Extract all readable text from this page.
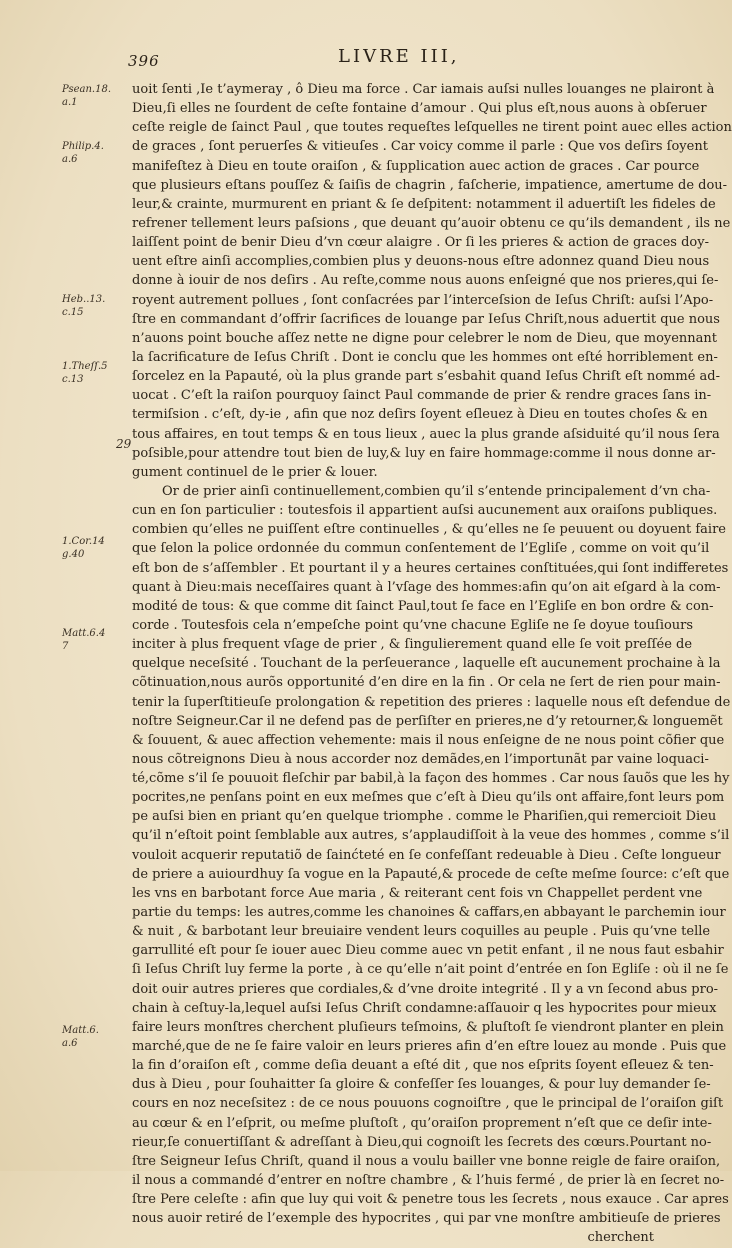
396	LIVRE III,
Psean.18.
a.1
Philip.4.
a.6
Heb..13.
c.15
1.Theſſ.5
c.13
1.Cor.14
g.40
Matt.6.4
7
Matt.6.
a.6
29
uoit ſenti ,Ie t’aymeray , ô Dieu ma force . Car iamais auſsi nulles louanges ne plairont à
Dieu,ſi elles ne ſourdent de ceſte fontaine d’amour . Qui plus eſt,nous auons à obſeruer
ceſte reigle de ſainct Paul , que toutes requeſtes leſquelles ne tirent point auec elles action
de graces , ſont peruerſes & vitieuſes . Car voicy comme il parle : Que vos deſirs ſoyent
manifeſtez à Dieu en toute oraiſon , & ſupplication auec action de graces . Car pource
que plusieurs eſtans pouſſez & ſaiſis de chagrin , faſcherie, impatience, amertume de dou-
leur,& crainte, murmurent en priant & ſe deſpitent: notamment il aduertiſt les fideles de
refrener tellement leurs paſsions , que deuant qu’auoir obtenu ce qu’ils demandent , ils ne
laiſſent point de benir Dieu d’vn cœur alaigre . Or ſi les prieres & action de graces doy-
uent eſtre ainſi accomplies,combien plus y deuons-nous eſtre adonnez quand Dieu nous
donne à iouir de nos deſirs . Au reſte,comme nous auons enſeigné que nos prieres,qui ſe-
royent autrement pollues , ſont conſacrées par l’interceſsion de Ieſus Chriſt: auſsi l’Apo-
ſtre en commandant d’offrir ſacrifices de louange par Ieſus Chriſt,nous aduertit que nous
n’auons point bouche aſſez nette ne digne pour celebrer le nom de Dieu, que moyennant
la ſacrificature de Ieſus Chriſt . Dont ie conclu que les hommes ont eſté horriblement en-
ſorcelez en la Papauté, où la plus grande part s’esbahit quand Ieſus Chriſt eſt nommé ad-
uocat . C’eſt la raiſon pourquoy ſainct Paul commande de prier & rendre graces ſans in-
termiſsion . c’eſt, dy-ie , afin que noz deſirs ſoyent eſleuez à Dieu en toutes choſes & en
tous affaires, en tout temps & en tous lieux , auec la plus grande aſsiduité qu’il nous ſera
poſsible,pour attendre tout bien de luy,& luy en faire hommage:comme il nous donne ar-
gument continuel de le prier & louer.
Or de prier ainſi continuellement,combien qu’il s’entende principalement d’vn cha-
cun en ſon particulier : toutesfois il appartient auſsi aucunement aux oraiſons publiques.
combien qu’elles ne puiſſent eſtre continuelles , & qu’elles ne ſe peuuent ou doyuent faire
que ſelon la police ordonnée du commun conſentement de l’Egliſe , comme on voit qu’il
eſt bon de s’aſſembler . Et pourtant il y a heures certaines conſtituées,qui ſont indifferetes
quant à Dieu:mais neceſſaires quant à l’vſage des hommes:afin qu’on ait eſgard à la com-
modité de tous: & que comme dit ſainct Paul,tout ſe face en l’Egliſe en bon ordre & con-
corde . Toutesfois cela n’empeſche point qu’vne chacune Egliſe ne ſe doyue touſiours
inciter à plus frequent vſage de prier , & ſingulierement quand elle ſe voit preſſée de
quelque neceſsité . Touchant de la perſeuerance , laquelle eſt aucunement prochaine à la
cõtinuation,nous aurõs opportunité d’en dire en la fin . Or cela ne ſert de rien pour main-
tenir la ſuperſtitieuſe prolongation & repetition des prieres : laquelle nous eſt defendue de
noſtre Seigneur.Car il ne defend pas de perſiſter en prieres,ne d’y retourner,& longuemẽt
& ſouuent, & auec affection vehemente: mais il nous enſeigne de ne nous point cõfier que
nous cõtreignons Dieu à nous accorder noz demãdes,en l’importunãt par vaine loquaci-
té,cõme s’il ſe pouuoit fleſchir par babil,à la façon des hommes . Car nous ſauõs que les hy
pocrites,ne penſans point en eux meſmes que c’eſt à Dieu qu’ils ont affaire,font leurs pom
pe auſsi bien en priant qu’en quelque triomphe . comme le Phariſien,qui remercioit Dieu
qu’il n’eſtoit point ſemblable aux autres, s’applaudiſſoit à la veue des hommes , comme s’il
vouloit acquerir reputatiõ de ſainćteté en ſe confeſſant redeuable à Dieu . Ceſte longueur
de priere a auiourdhuy ſa vogue en la Papauté,& procede de ceſte meſme ſource: c’eſt que
les vns en barbotant force Aue maria , & reiterant cent fois vn Chappellet perdent vne
partie du temps: les autres,comme les chanoines & caffars,en abbayant le parchemin iour
& nuit , & barbotant leur breuiaire vendent leurs coquilles au peuple . Puis qu’vne telle
garrullité eſt pour ſe iouer auec Dieu comme auec vn petit enfant , il ne nous faut esbahir
ſi Ieſus Chriſt luy ferme la porte , à ce qu’elle n’ait point d’entrée en ſon Egliſe : où il ne ſe
doit ouir autres prieres que cordiales,& d’vne droite integrité . Il y a vn ſecond abus pro-
chain à ceſtuy-la,lequel auſsi Ieſus Chriſt condamne:aſſauoir q les hypocrites pour mieux
faire leurs monſtres cherchent pluſieurs teſmoins, & pluſtoſt ſe viendront planter en plein
marché,que de ne ſe faire valoir en leurs prieres afin d’en eſtre louez au monde . Puis que
la fin d’oraiſon eſt , comme deſia deuant a eſté dit , que nos eſprits ſoyent eſleuez & ten-
dus à Dieu , pour ſouhaitter ſa gloire & confeſſer ſes louanges, & pour luy demander ſe-
cours en noz neceſsitez : de ce nous pouuons cognoiſtre , que le principal de l’oraiſon giſt
au cœur & en l’eſprit, ou meſme pluſtoſt , qu’oraiſon proprement n’eſt que ce deſir inte-
rieur,ſe conuertiſſant & adreſſant à Dieu,qui cognoiſt les ſecrets des cœurs.Pourtant no-
ſtre Seigneur Ieſus Chriſt, quand il nous a voulu bailler vne bonne reigle de faire oraiſon,
il nous a commandé d’entrer en noſtre chambre , & l’huis fermé , de prier là en ſecret no-
ſtre Pere celeſte : afin que luy qui voit & penetre tous les ſecrets , nous exauce . Car apres
nous auoir retiré de l’exemple des hypocrites , qui par vne monſtre ambitieuſe de prieres
cherchent
